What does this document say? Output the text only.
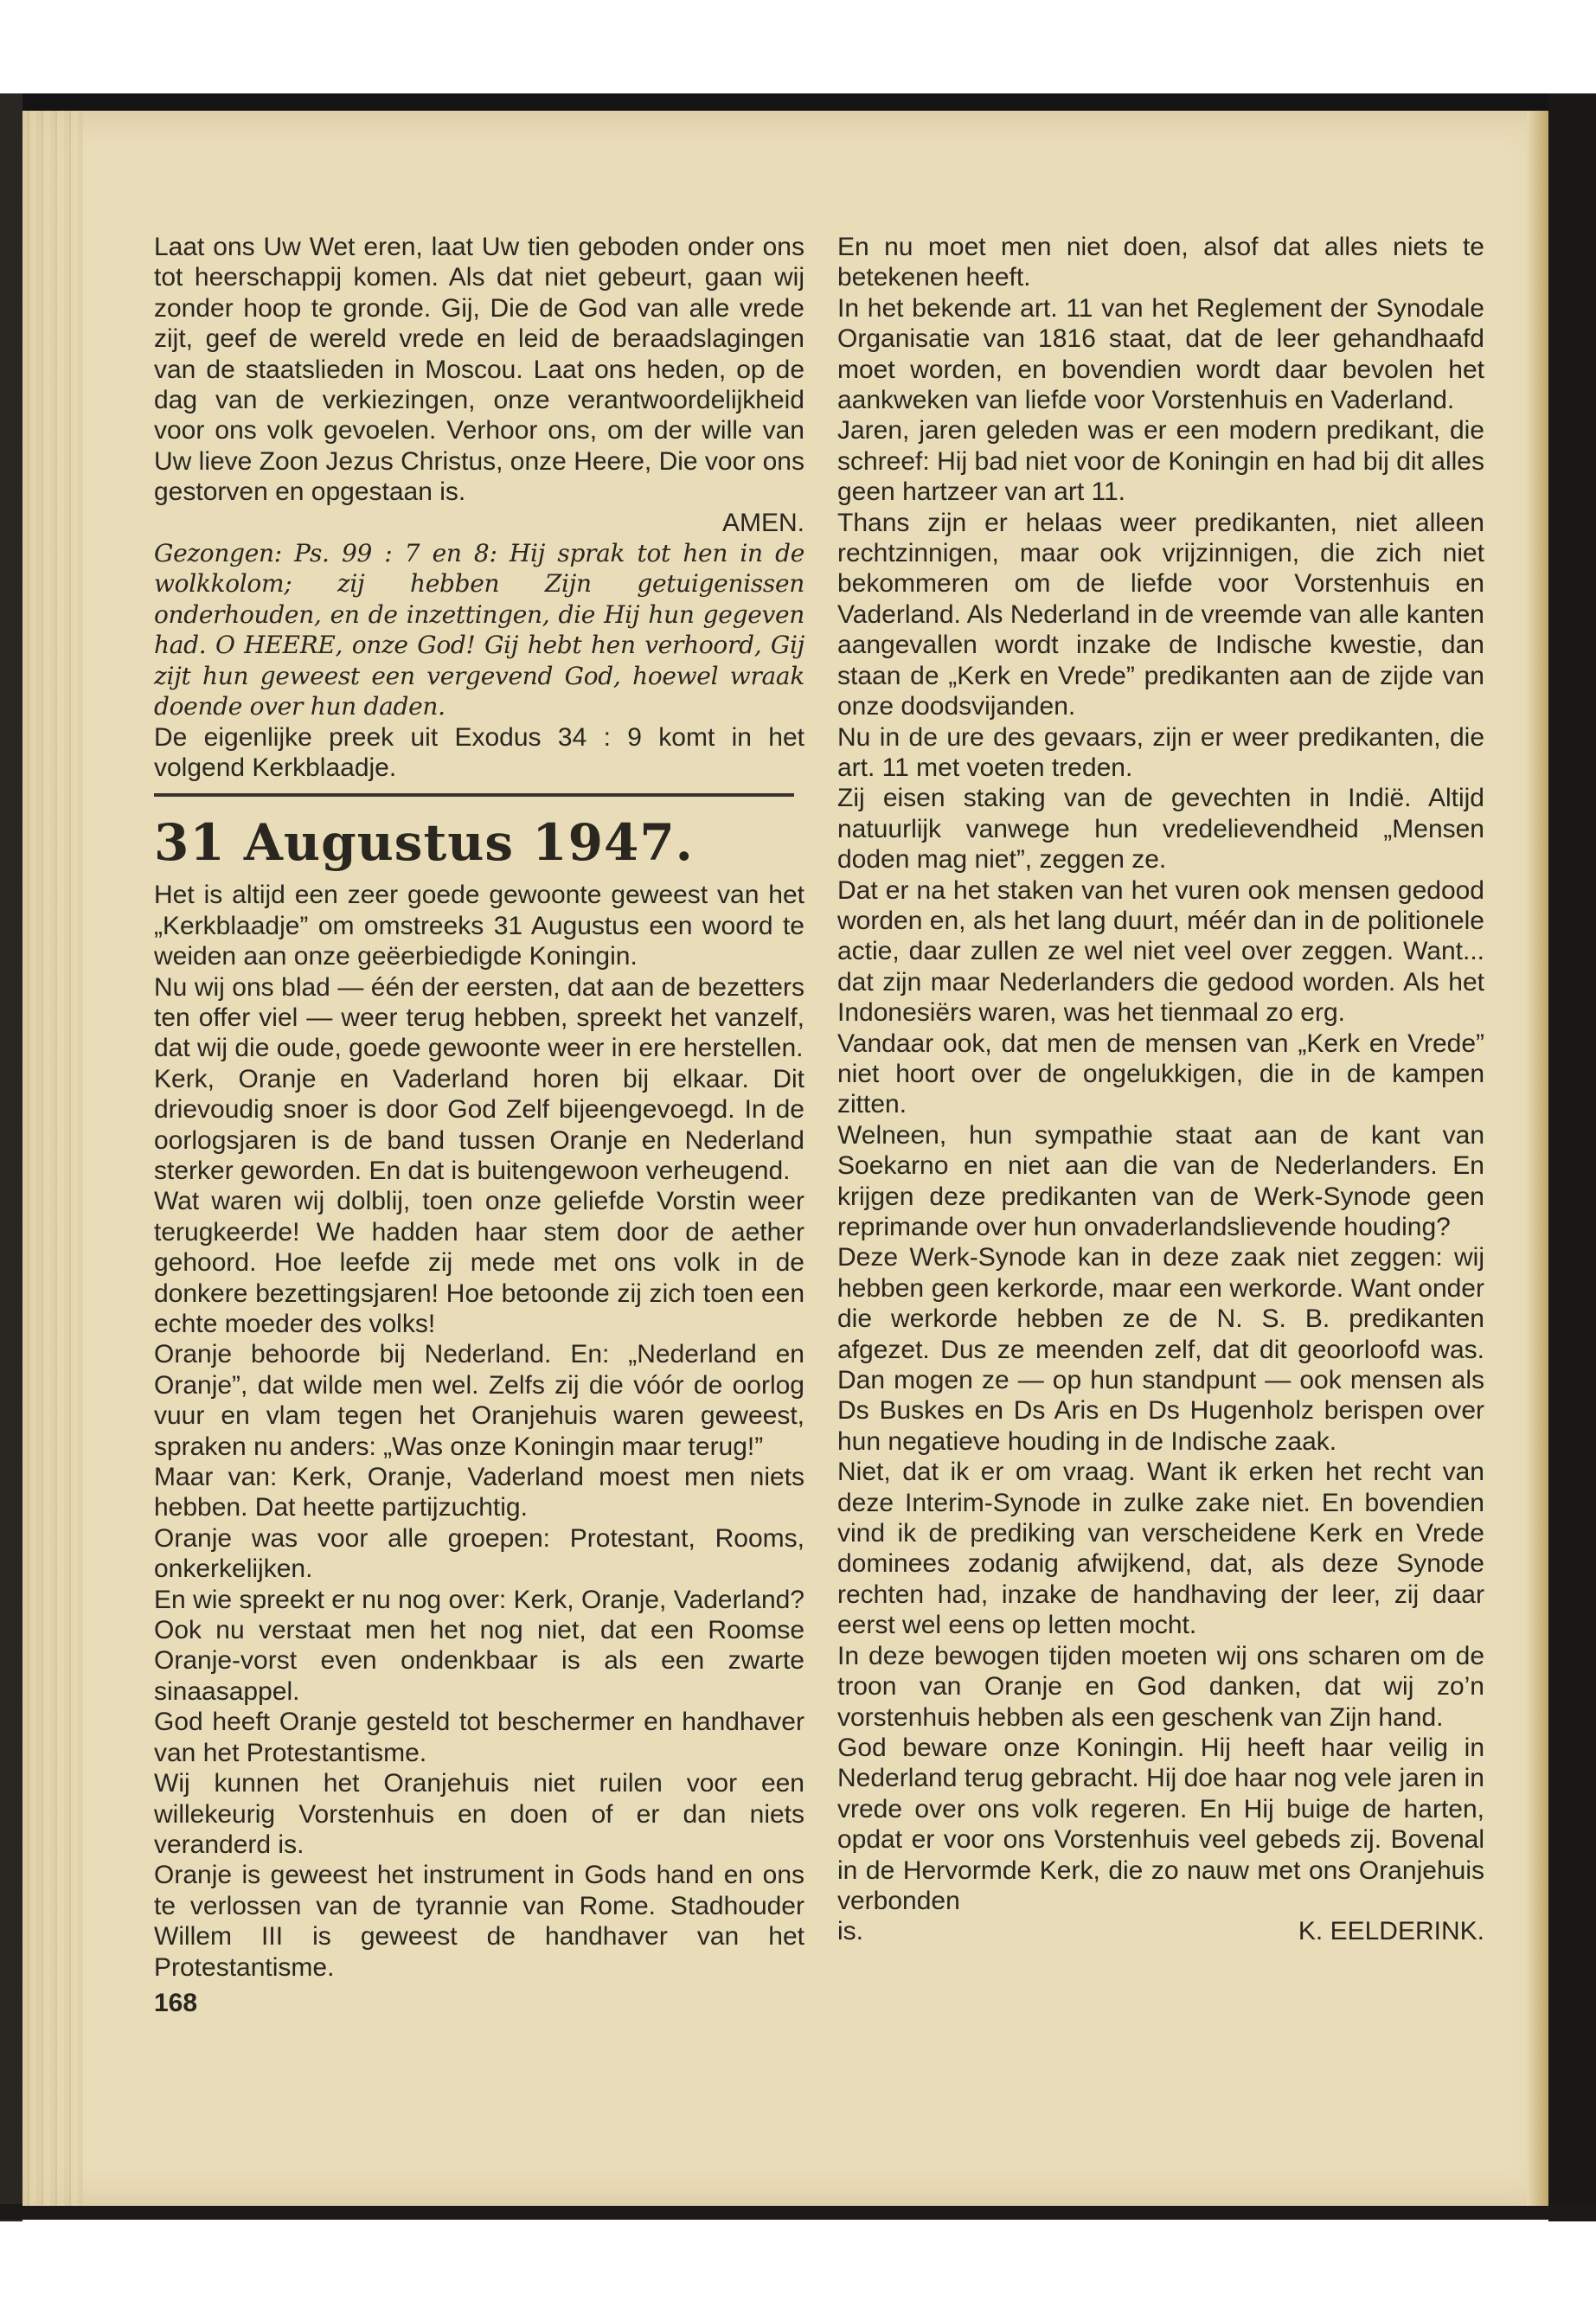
Laat ons Uw Wet eren, laat Uw tien geboden onder ons tot heerschappij komen. Als dat niet gebeurt, gaan wij zonder hoop te gronde. Gij, Die de God van alle vrede zijt, geef de wereld vrede en leid de beraadslagingen van de staatslieden in Moscou. Laat ons heden, op de dag van de verkiezingen, onze verantwoordelijkheid voor ons volk gevoelen. Verhoor ons, om der wille van Uw lieve Zoon Jezus Christus, onze Heere, Die voor ons gestorven en opgestaan is.

AMEN.

Gezongen: Ps. 99 : 7 en 8: Hij sprak tot hen in de wolkkolom; zij hebben Zijn getuigenissen onderhouden, en de inzettingen, die Hij hun gegeven had. O HEERE, onze God! Gij hebt hen verhoord, Gij zijt hun geweest een vergevend God, hoewel wraak doende over hun daden.

De eigenlijke preek uit Exodus 34 : 9 komt in het volgend Kerkblaadje.

31 Augustus 1947.

Het is altijd een zeer goede gewoonte geweest van het „Kerkblaadje” om omstreeks 31 Augustus een woord te weiden aan onze geëerbiedigde Koningin.

Nu wij ons blad — één der eersten, dat aan de bezetters ten offer viel — weer terug hebben, spreekt het vanzelf, dat wij die oude, goede gewoonte weer in ere herstellen.

Kerk, Oranje en Vaderland horen bij elkaar. Dit drievoudig snoer is door God Zelf bijeengevoegd. In de oorlogsjaren is de band tussen Oranje en Nederland sterker geworden. En dat is buitengewoon verheugend.

Wat waren wij dolblij, toen onze geliefde Vorstin weer terugkeerde! We hadden haar stem door de aether gehoord. Hoe leefde zij mede met ons volk in de donkere bezettingsjaren! Hoe betoonde zij zich toen een echte moeder des volks!

Oranje behoorde bij Nederland. En: „Nederland en Oranje”, dat wilde men wel. Zelfs zij die vóór de oorlog vuur en vlam tegen het Oranjehuis waren geweest, spraken nu anders: „Was onze Koningin maar terug!”

Maar van: Kerk, Oranje, Vaderland moest men niets hebben. Dat heette partijzuchtig.

Oranje was voor alle groepen: Protestant, Rooms, onkerkelijken.

En wie spreekt er nu nog over: Kerk, Oranje, Vaderland? Ook nu verstaat men het nog niet, dat een Roomse Oranje-vorst even ondenkbaar is als een zwarte sinaasappel.

God heeft Oranje gesteld tot beschermer en handhaver van het Protestantisme.

Wij kunnen het Oranjehuis niet ruilen voor een willekeurig Vorstenhuis en doen of er dan niets veranderd is.

Oranje is geweest het instrument in Gods hand en ons te verlossen van de tyrannie van Rome. Stadhouder Willem III is geweest de handhaver van het Protestantisme.

168

En nu moet men niet doen, alsof dat alles niets te betekenen heeft.

In het bekende art. 11 van het Reglement der Synodale Organisatie van 1816 staat, dat de leer gehandhaafd moet worden, en bovendien wordt daar bevolen het aankweken van liefde voor Vorstenhuis en Vaderland.

Jaren, jaren geleden was er een modern predikant, die schreef: Hij bad niet voor de Koningin en had bij dit alles geen hartzeer van art 11.

Thans zijn er helaas weer predikanten, niet alleen rechtzinnigen, maar ook vrijzinnigen, die zich niet bekommeren om de liefde voor Vorstenhuis en Vaderland. Als Nederland in de vreemde van alle kanten aangevallen wordt inzake de Indische kwestie, dan staan de „Kerk en Vrede” predikanten aan de zijde van onze doodsvijanden.

Nu in de ure des gevaars, zijn er weer predikanten, die art. 11 met voeten treden.

Zij eisen staking van de gevechten in Indië. Altijd natuurlijk vanwege hun vredelievendheid „Mensen doden mag niet”, zeggen ze.

Dat er na het staken van het vuren ook mensen gedood worden en, als het lang duurt, méér dan in de politionele actie, daar zullen ze wel niet veel over zeggen. Want... dat zijn maar Nederlanders die gedood worden. Als het Indonesiërs waren, was het tienmaal zo erg.

Vandaar ook, dat men de mensen van „Kerk en Vrede” niet hoort over de ongelukkigen, die in de kampen zitten.

Welneen, hun sympathie staat aan de kant van Soekarno en niet aan die van de Nederlanders. En krijgen deze predikanten van de Werk-Synode geen reprimande over hun onvaderlandslievende houding?

Deze Werk-Synode kan in deze zaak niet zeggen: wij hebben geen kerkorde, maar een werkorde. Want onder die werkorde hebben ze de N. S. B. predikanten afgezet. Dus ze meenden zelf, dat dit geoorloofd was. Dan mogen ze — op hun standpunt — ook mensen als Ds Buskes en Ds Aris en Ds Hugenholz berispen over hun negatieve houding in de Indische zaak.

Niet, dat ik er om vraag. Want ik erken het recht van deze Interim-Synode in zulke zake niet. En bovendien vind ik de prediking van verscheidene Kerk en Vrede dominees zodanig afwijkend, dat, als deze Synode rechten had, inzake de handhaving der leer, zij daar eerst wel eens op letten mocht.

In deze bewogen tijden moeten wij ons scharen om de troon van Oranje en God danken, dat wij zo’n vorstenhuis hebben als een geschenk van Zijn hand.

God beware onze Koningin. Hij heeft haar veilig in Nederland terug gebracht. Hij doe haar nog vele jaren in vrede over ons volk regeren. En Hij buige de harten, opdat er voor ons Vorstenhuis veel gebeds zij. Bovenal in de Hervormde Kerk, die zo nauw met ons Oranjehuis verbonden

is.	K. EELDERINK.
